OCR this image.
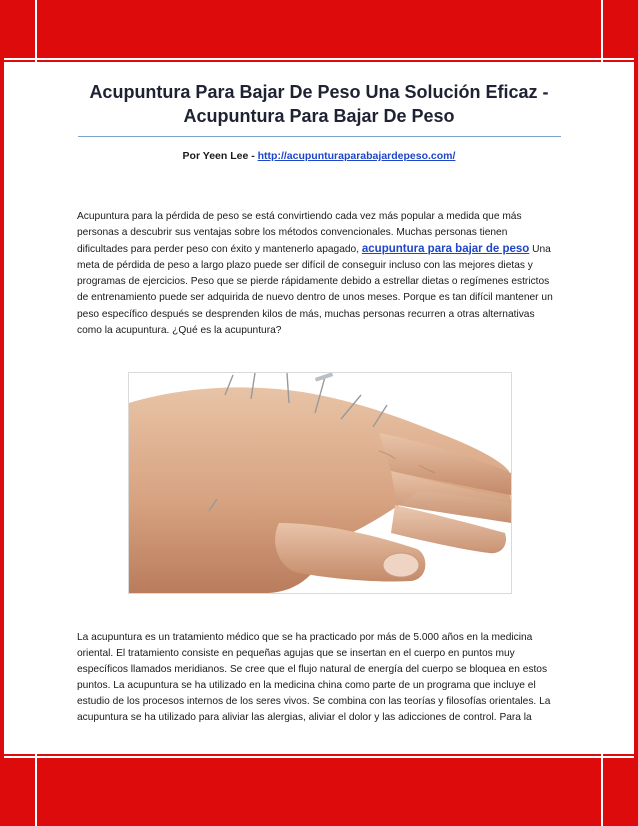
Acupuntura Para Bajar De Peso Una Solución Eficaz - Acupuntura Para Bajar De Peso
Por Yeen Lee - http://acupunturaparabajardepeso.com/

Acupuntura para la pérdida de peso se está convirtiendo cada vez más popular a medida que más personas a descubrir sus ventajas sobre los métodos convencionales. Muchas personas tienen dificultades para perder peso con éxito y mantenerlo apagado, acupuntura para bajar de peso Una meta de pérdida de peso a largo plazo puede ser difícil de conseguir incluso con las mejores dietas y programas de ejercicios. Peso que se pierde rápidamente debido a estrellar dietas o regímenes estrictos de entrenamiento puede ser adquirida de nuevo dentro de unos meses. Porque es tan difícil mantener un peso específico después se desprenden kilos de más, muchas personas recurren a otras alternativas como la acupuntura. ¿Qué es la acupuntura?

La acupuntura es un tratamiento médico que se ha practicado por más de 5.000 años en la medicina oriental. El tratamiento consiste en pequeñas agujas que se insertan en el cuerpo en puntos muy específicos llamados meridianos. Se cree que el flujo natural de energía del cuerpo se bloquea en estos puntos. La acupuntura se ha utilizado en la medicina china como parte de un programa que incluye el estudio de los procesos internos de los seres vivos. Se combina con las teorías y filosofías orientales. La acupuntura se ha utilizado para aliviar las alergias, aliviar el dolor y las adicciones de control. Para la
